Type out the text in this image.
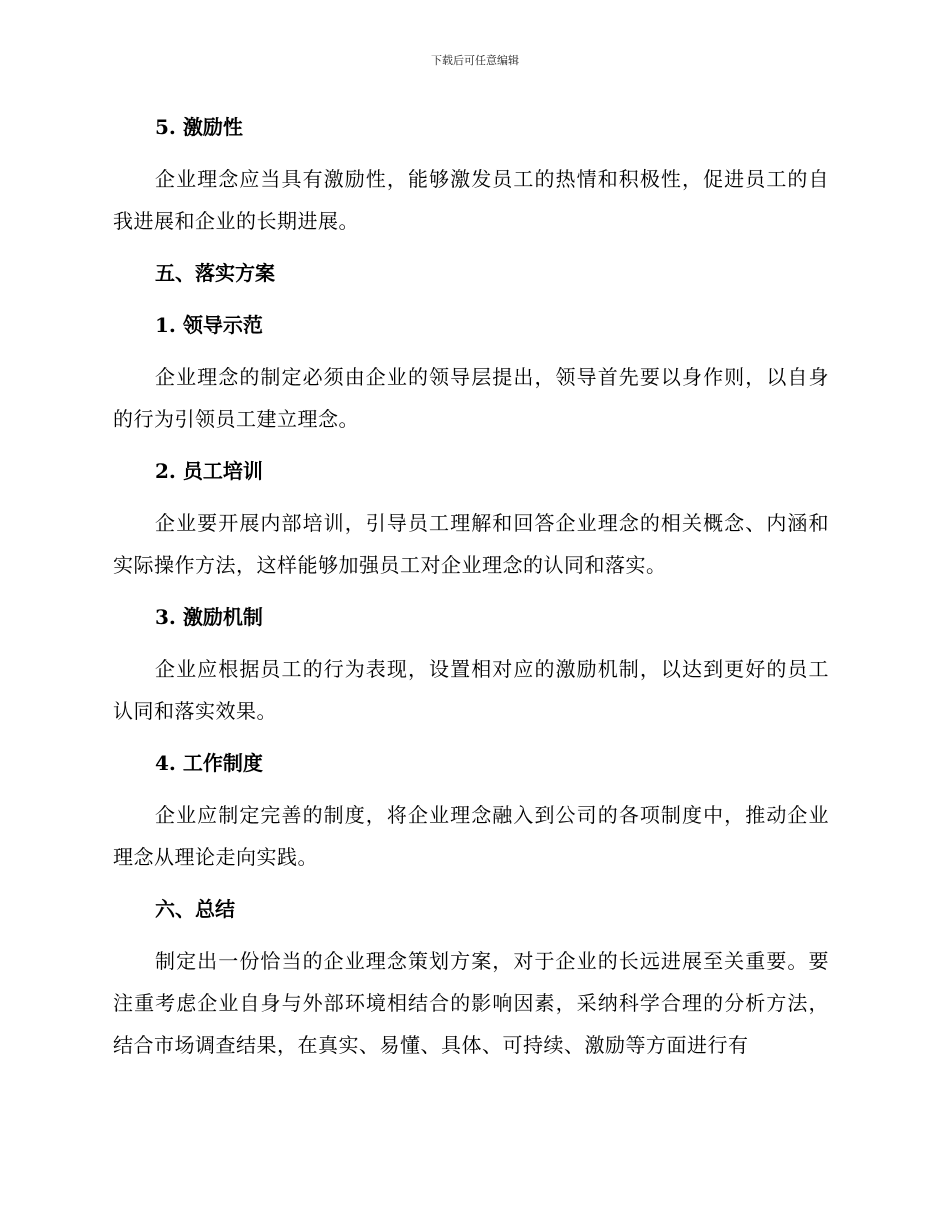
下载后可任意编辑
5. 激励性
企业理念应当具有激励性，能够激发员工的热情和积极性，促进员工的自我进展和企业的长期进展。
五、落实方案
1. 领导示范
企业理念的制定必须由企业的领导层提出，领导首先要以身作则，以自身的行为引领员工建立理念。
2. 员工培训
企业要开展内部培训，引导员工理解和回答企业理念的相关概念、内涵和实际操作方法，这样能够加强员工对企业理念的认同和落实。
3. 激励机制
企业应根据员工的行为表现，设置相对应的激励机制，以达到更好的员工认同和落实效果。
4. 工作制度
企业应制定完善的制度，将企业理念融入到公司的各项制度中，推动企业理念从理论走向实践。
六、总结
制定出一份恰当的企业理念策划方案，对于企业的长远进展至关重要。要注重考虑企业自身与外部环境相结合的影响因素，采纳科学合理的分析方法，结合市场调查结果，在真实、易懂、具体、可持续、激励等方面进行有
